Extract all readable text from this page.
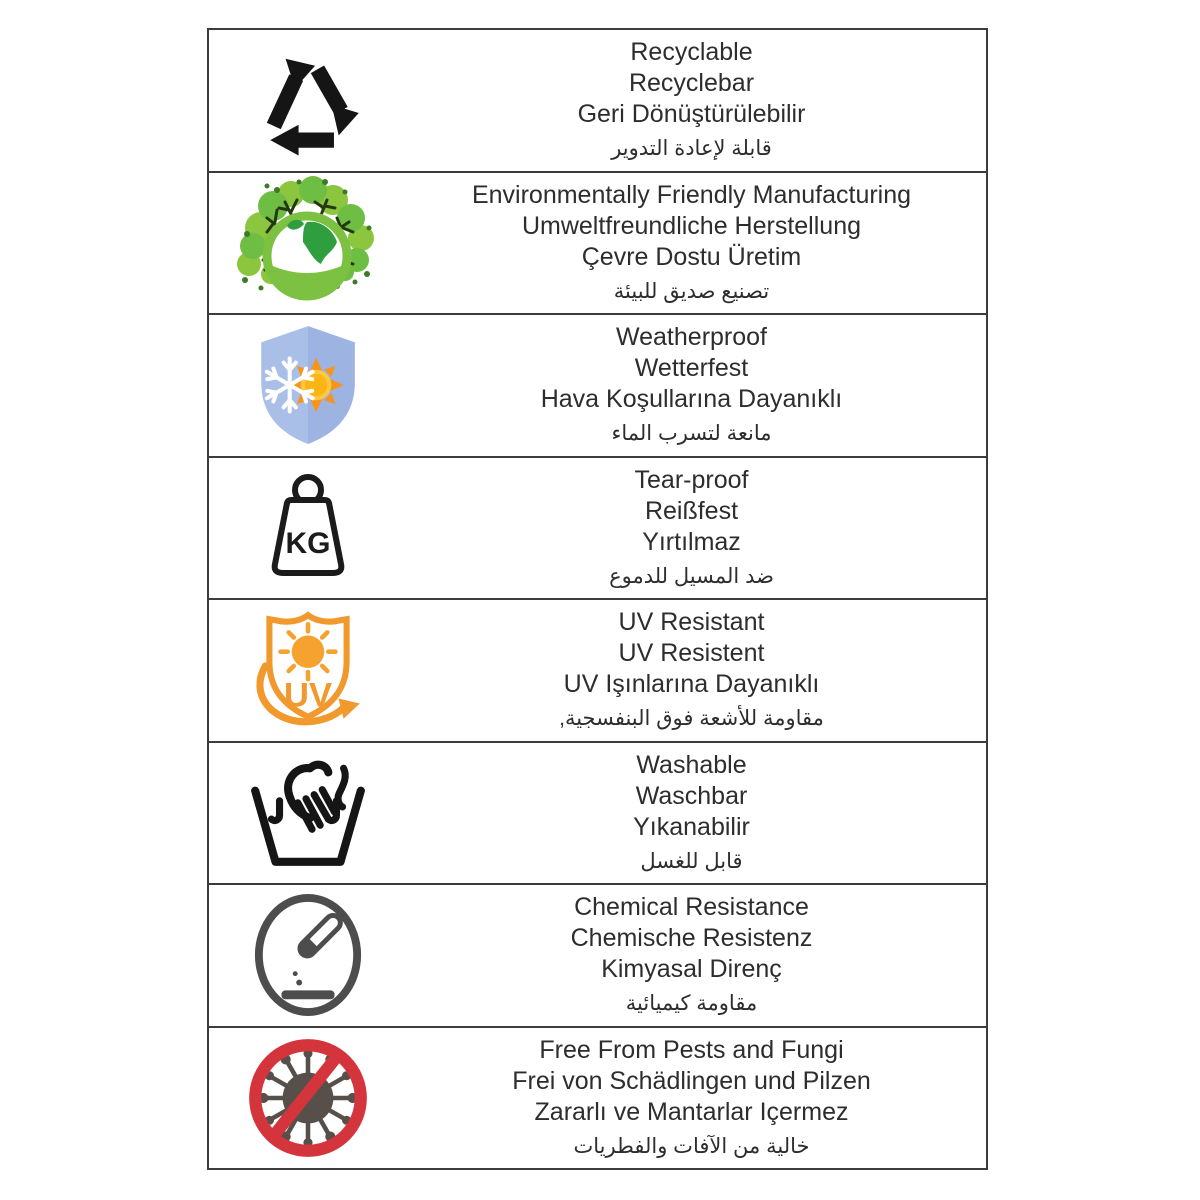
Recyclable
Recyclebar
Geri Dönüştürülebilir
قابلة لإعادة التدوير
Environmentally Friendly Manufacturing
Umweltfreundliche Herstellung
Çevre Dostu Üretim
تصنيع صديق للبيئة
Weatherproof
Wetterfest
Hava Koşullarına Dayanıklı
مانعة لتسرب الماء
KG
Tear-proof
Reißfest
Yırtılmaz
ضد المسيل للدموع
UV
UV Resistant
UV Resistent
UV Işınlarına Dayanıklı
مقاومة للأشعة فوق البنفسجية,
Washable
Waschbar
Yıkanabilir
قابل للغسل
Chemical Resistance
Chemische Resistenz
Kimyasal Direnç
مقاومة كيميائية
Free From Pests and Fungi
Frei von Schädlingen und Pilzen
Zararlı ve Mantarlar Içermez
خالية من الآفات والفطريات
